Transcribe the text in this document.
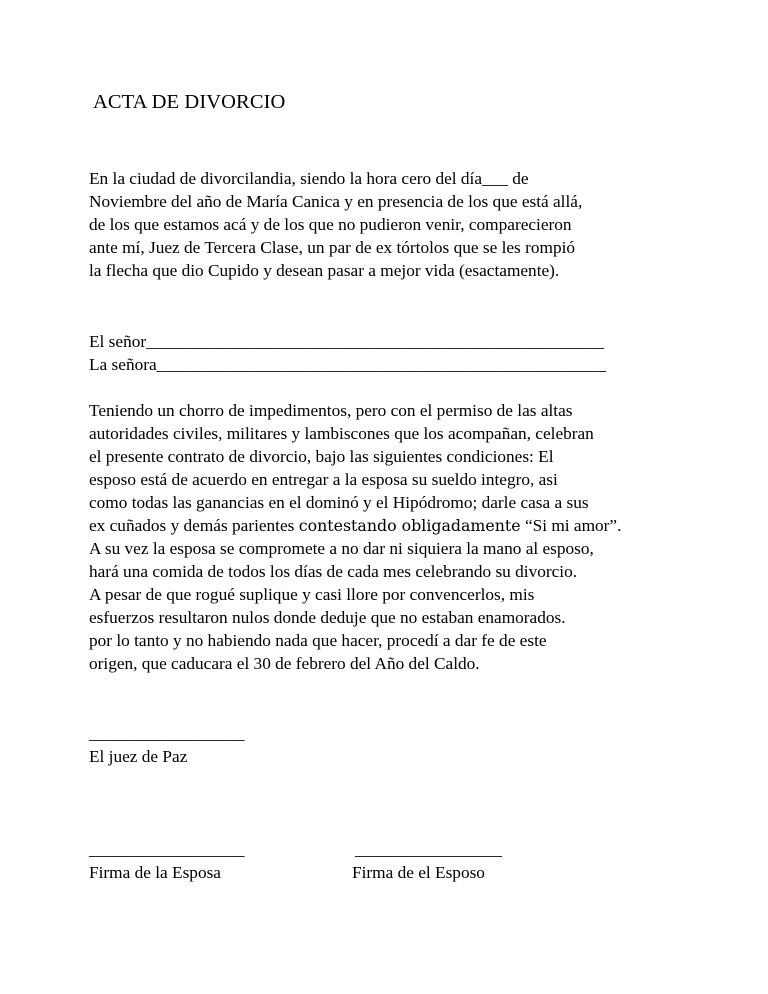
ACTA DE DIVORCIO
En la ciudad de divorcilandia, siendo la hora cero del día___ de
Noviembre del año de María Canica y en presencia de los que está allá,
de los que estamos acá y de los que no pudieron venir, comparecieron
ante mí, Juez de Tercera Clase, un par de ex tórtolos que se les rompió
la flecha que dio Cupido y desean pasar a mejor vida (esactamente).
El señor_____________________________________________________
La señora____________________________________________________
Teniendo un chorro de impedimentos, pero con el permiso de las altas
autoridades civiles, militares y lambiscones que los acompañan, celebran
el presente contrato de divorcio, bajo las siguientes condiciones: El
esposo está de acuerdo en entregar a la esposa su sueldo integro, asi
como todas las ganancias en el dominó y el Hipódromo; darle casa a sus
ex cuñados y demás parientes contestando obligadamente “Si mi amor”.
A su vez la esposa se compromete a no dar ni siquiera la mano al esposo,
hará una comida de todos los días de cada mes celebrando su divorcio.
A pesar de que rogué suplique y casi llore por convencerlos, mis
esfuerzos resultaron nulos donde deduje que no estaban enamorados.
por lo tanto y no habiendo nada que hacer, procedí a dar fe de este
origen, que caducara el 30 de febrero del Año del Caldo.
__________________
El juez de Paz
__________________
Firma de la Esposa
_________________
Firma de el Esposo
